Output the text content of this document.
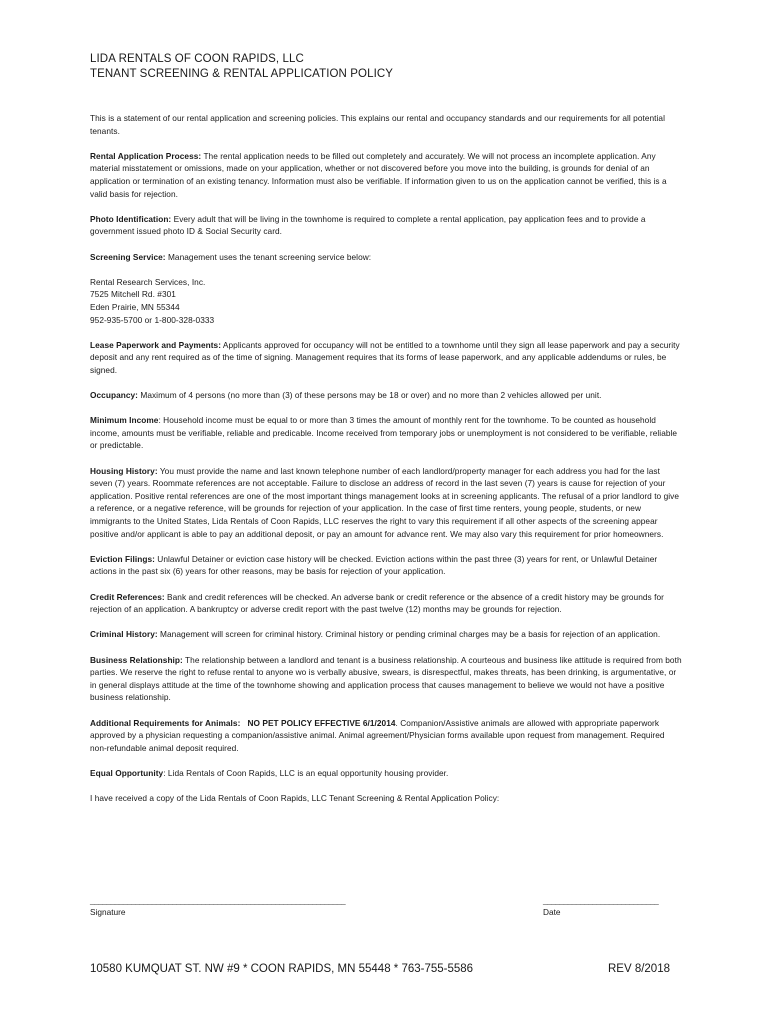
LIDA RENTALS OF COON RAPIDS, LLC
TENANT SCREENING & RENTAL APPLICATION POLICY

This is a statement of our rental application and screening policies. This explains our rental and occupancy standards and our requirements for all potential tenants.

Rental Application Process: The rental application needs to be filled out completely and accurately. We will not process an incomplete application. Any material misstatement or omissions, made on your application, whether or not discovered before you move into the building, is grounds for denial of an application or termination of an existing tenancy. Information must also be verifiable. If information given to us on the application cannot be verified, this is a valid basis for rejection.

Photo Identification: Every adult that will be living in the townhome is required to complete a rental application, pay application fees and to provide a government issued photo ID & Social Security card.

Screening Service: Management uses the tenant screening service below:

Rental Research Services, Inc.
7525 Mitchell Rd. #301
Eden Prairie, MN 55344
952-935-5700 or 1-800-328-0333

Lease Paperwork and Payments: Applicants approved for occupancy will not be entitled to a townhome until they sign all lease paperwork and pay a security deposit and any rent required as of the time of signing. Management requires that its forms of lease paperwork, and any applicable addendums or rules, be signed.

Occupancy: Maximum of 4 persons (no more than (3) of these persons may be 18 or over) and no more than 2 vehicles allowed per unit.

Minimum Income: Household income must be equal to or more than 3 times the amount of monthly rent for the townhome. To be counted as household income, amounts must be verifiable, reliable and predicable. Income received from temporary jobs or unemployment is not considered to be verifiable, reliable or predictable.

Housing History: You must provide the name and last known telephone number of each landlord/property manager for each address you had for the last seven (7) years. Roommate references are not acceptable. Failure to disclose an address of record in the last seven (7) years is cause for rejection of your application. Positive rental references are one of the most important things management looks at in screening applicants. The refusal of a prior landlord to give a reference, or a negative reference, will be grounds for rejection of your application. In the case of first time renters, young people, students, or new immigrants to the United States, Lida Rentals of Coon Rapids, LLC reserves the right to vary this requirement if all other aspects of the screening appear positive and/or applicant is able to pay an additional deposit, or pay an amount for advance rent. We may also vary this requirement for prior homeowners.

Eviction Filings: Unlawful Detainer or eviction case history will be checked. Eviction actions within the past three (3) years for rent, or Unlawful Detainer actions in the past six (6) years for other reasons, may be basis for rejection of your application.

Credit References: Bank and credit references will be checked. An adverse bank or credit reference or the absence of a credit history may be grounds for rejection of an application. A bankruptcy or adverse credit report with the past twelve (12) months may be grounds for rejection.

Criminal History: Management will screen for criminal history. Criminal history or pending criminal charges may be a basis for rejection of an application.

Business Relationship: The relationship between a landlord and tenant is a business relationship. A courteous and business like attitude is required from both parties. We reserve the right to refuse rental to anyone wo is verbally abusive, swears, is disrespectful, makes threats, has been drinking, is argumentative, or in general displays attitude at the time of the townhome showing and application process that causes management to believe we would not have a positive business relationship.

Additional Requirements for Animals: NO PET POLICY EFFECTIVE 6/1/2014. Companion/Assistive animals are allowed with appropriate paperwork approved by a physician requesting a companion/assistive animal. Animal agreement/Physician forms available upon request from management. Required non-refundable animal deposit required.

Equal Opportunity: Lida Rentals of Coon Rapids, LLC is an equal opportunity housing provider.

I have received a copy of the Lida Rentals of Coon Rapids, LLC Tenant Screening & Rental Application Policy:

______________________________________________________________
Signature
____________________________
Date
10580 KUMQUAT ST. NW #9 * COON RAPIDS, MN 55448 * 763-755-5586	REV 8/2018
